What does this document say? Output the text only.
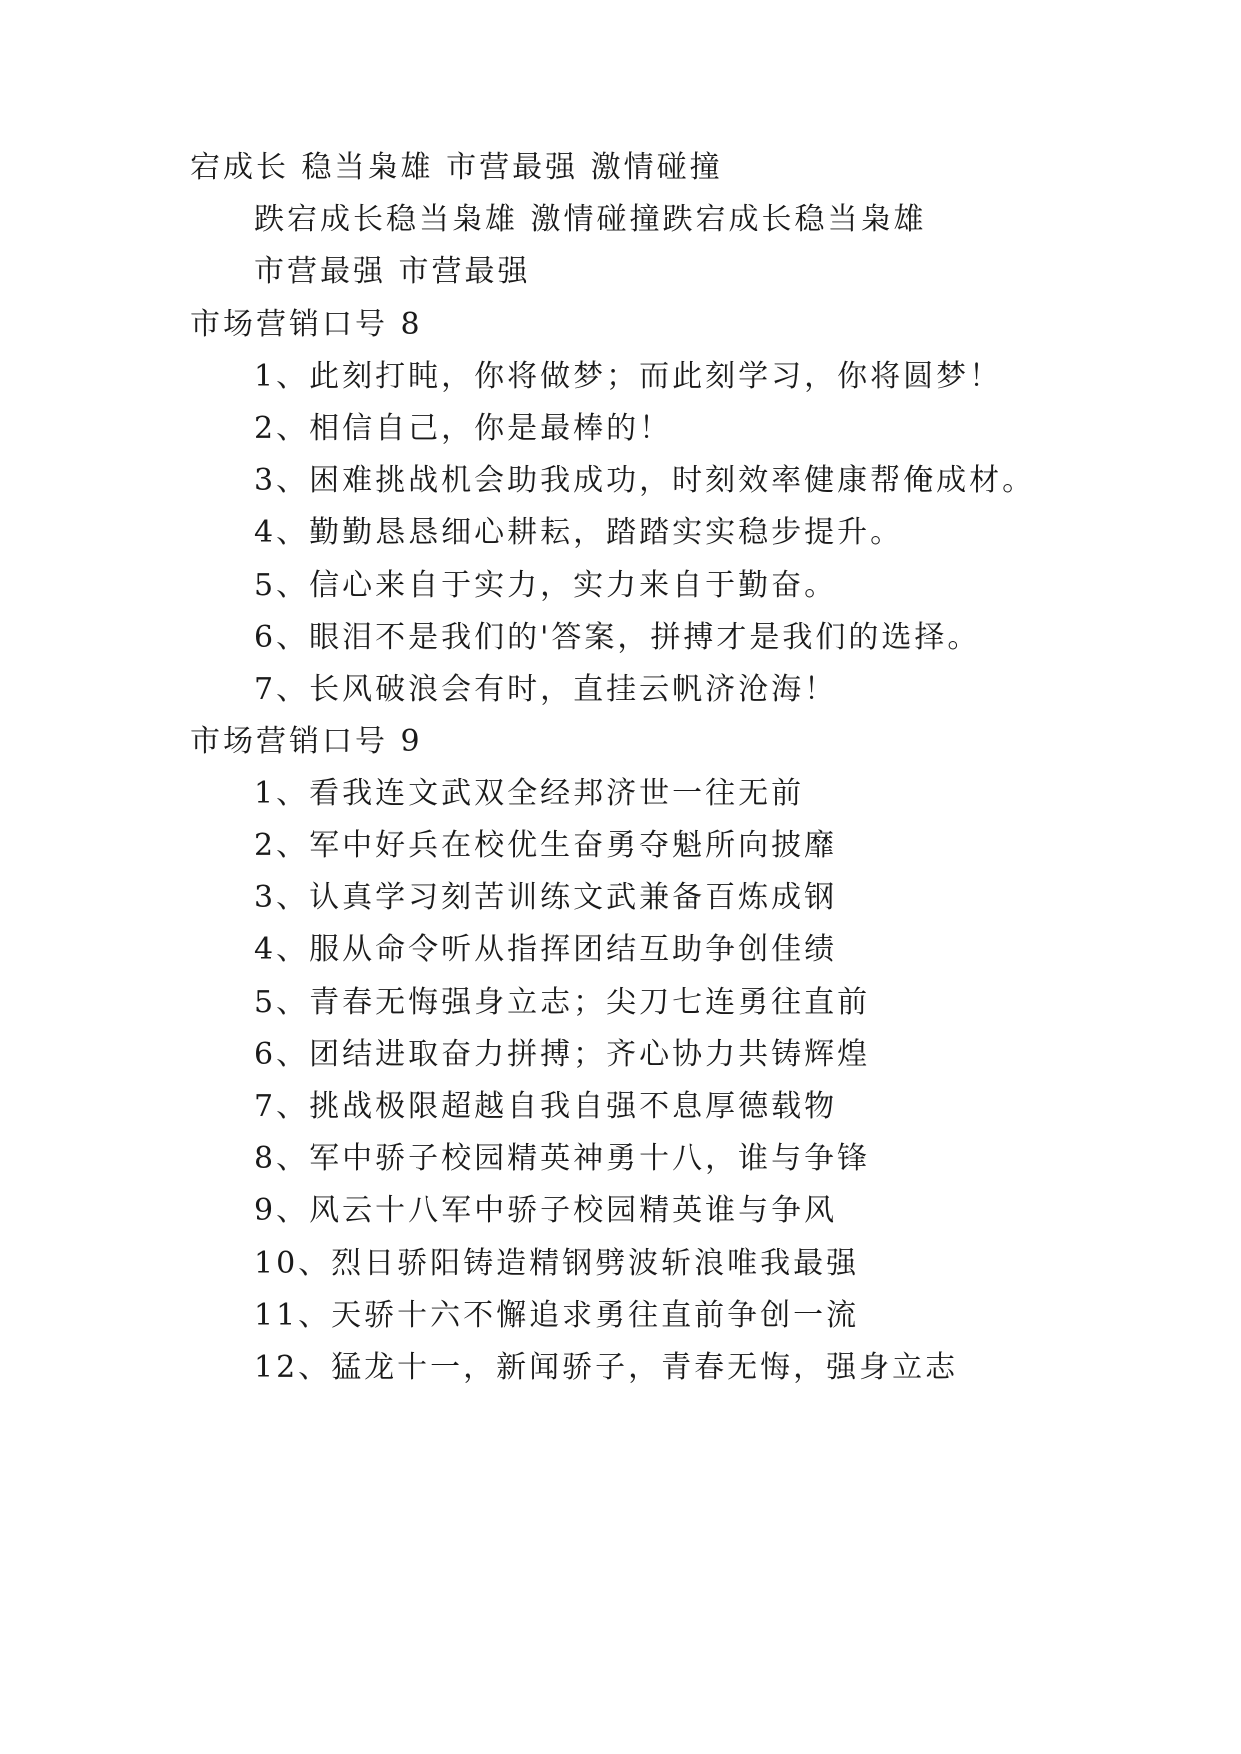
宕成长 稳当枭雄 市营最强 激情碰撞
跌宕成长稳当枭雄 激情碰撞跌宕成长稳当枭雄
市营最强 市营最强
市场营销口号 8
1、此刻打盹，你将做梦；而此刻学习，你将圆梦！
2、相信自己，你是最棒的！
3、困难挑战机会助我成功，时刻效率健康帮俺成材。
4、勤勤恳恳细心耕耘，踏踏实实稳步提升。
5、信心来自于实力，实力来自于勤奋。
6、眼泪不是我们的'答案，拼搏才是我们的选择。
7、长风破浪会有时，直挂云帆济沧海！
市场营销口号 9
1、看我连文武双全经邦济世一往无前
2、军中好兵在校优生奋勇夺魁所向披靡
3、认真学习刻苦训练文武兼备百炼成钢
4、服从命令听从指挥团结互助争创佳绩
5、青春无悔强身立志；尖刀七连勇往直前
6、团结进取奋力拼搏；齐心协力共铸辉煌
7、挑战极限超越自我自强不息厚德载物
8、军中骄子校园精英神勇十八，谁与争锋
9、风云十八军中骄子校园精英谁与争风
10、烈日骄阳铸造精钢劈波斩浪唯我最强
11、天骄十六不懈追求勇往直前争创一流
12、猛龙十一，新闻骄子，青春无悔，强身立志
